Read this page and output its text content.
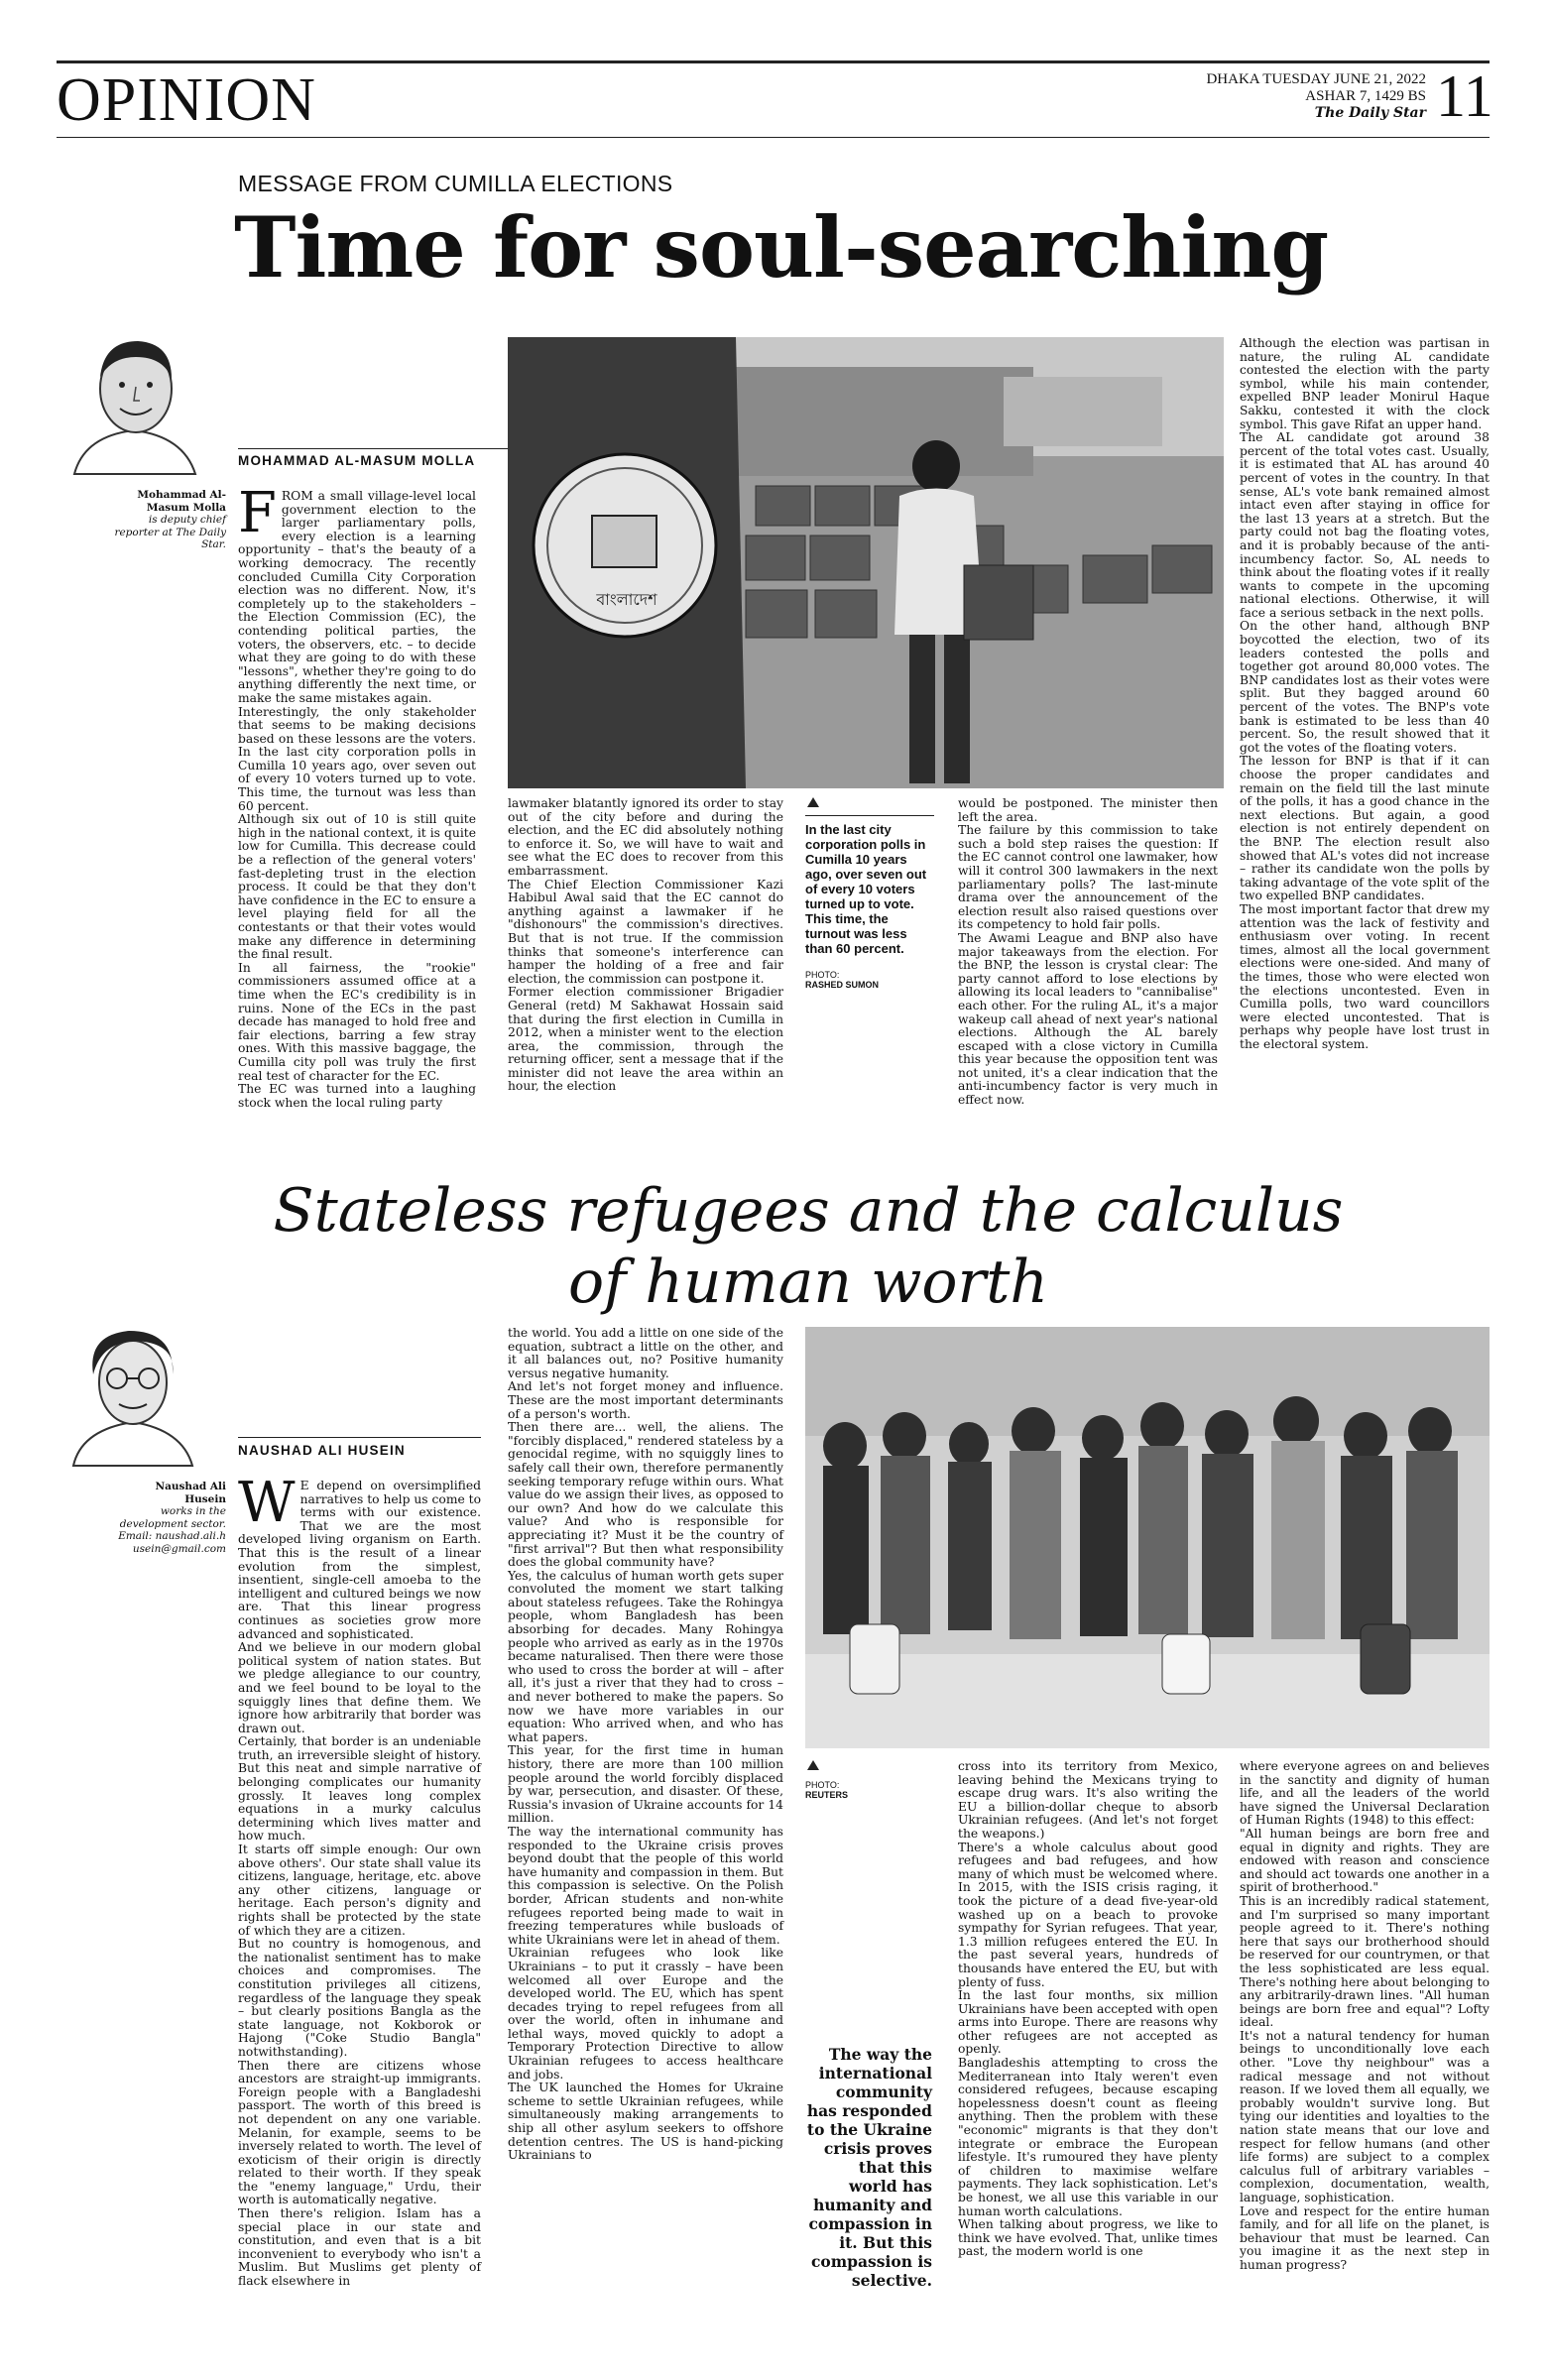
OPINION	DHAKA TUESDAY JUNE 21, 2022
ASHAR 7, 1429 BS
The Daily Star 11
MESSAGE FROM CUMILLA ELECTIONS
Time for soul-searching
MOHAMMAD AL-MASUM MOLLA
Mohammad Al-Masum Molla
is deputy chief reporter at The Daily Star. F ROM a small village-level local government election to the larger parliamentary polls, every election is a learning opportunity – that's the beauty of a working democracy. The recently concluded Cumilla City Corporation election was no different. Now, it's completely up to the stakeholders – the Election Commission (EC), the contending political parties, the voters, the observers, etc. – to decide what they are going to do with these "lessons", whether they're going to do anything differently the next time, or make the same mistakes again.
Interestingly, the only stakeholder that seems to be making decisions based on these lessons are the voters. In the last city corporation polls in Cumilla 10 years ago, over seven out of every 10 voters turned up to vote. This time, the turnout was less than 60 percent.
Although six out of 10 is still quite high in the national context, it is quite low for Cumilla. This decrease could be a reflection of the general voters' fast-depleting trust in the election process. It could be that they don't have confidence in the EC to ensure a level playing field for all the contestants or that their votes would make any difference in determining the final result.
In all fairness, the "rookie" commissioners assumed office at a time when the EC's credibility is in ruins. None of the ECs in the past decade has managed to hold free and fair elections, barring a few stray ones. With this massive baggage, the Cumilla city poll was truly the first real test of character for the EC.
The EC was turned into a laughing stock when the local ruling party

বাংলাদেশ

lawmaker blatantly ignored its order to stay out of the city before and during the election, and the EC did absolutely nothing to enforce it. So, we will have to wait and see what the EC does to recover from this embarrassment.
The Chief Election Commissioner Kazi Habibul Awal said that the EC cannot do anything against a lawmaker if he "dishonours" the commission's directives. But that is not true. If the commission thinks that someone's interference can hamper the holding of a free and fair election, the commission can postpone it.
Former election commissioner Brigadier General (retd) M Sakhawat Hossain said that during the first election in Cumilla in 2012, when a minister went to the election area, the commission, through the returning officer, sent a message that if the minister did not leave the area within an hour, the election

In the last city corporation polls in Cumilla 10 years ago, over seven out of every 10 voters turned up to vote. This time, the turnout was less than 60 percent.
PHOTO:
RASHED SUMON

would be postponed. The minister then left the area.
The failure by this commission to take such a bold step raises the question: If the EC cannot control one lawmaker, how will it control 300 lawmakers in the next parliamentary polls? The last-minute drama over the announcement of the election result also raised questions over its competency to hold fair polls.
The Awami League and BNP also have major takeaways from the election. For the BNP, the lesson is crystal clear: The party cannot afford to lose elections by allowing its local leaders to "cannibalise" each other. For the ruling AL, it's a major wakeup call ahead of next year's national elections. Although the AL barely escaped with a close victory in Cumilla this year because the opposition tent was not united, it's a clear indication that the anti-incumbency factor is very much in effect now.

Although the election was partisan in nature, the ruling AL candidate contested the election with the party symbol, while his main contender, expelled BNP leader Monirul Haque Sakku, contested it with the clock symbol. This gave Rifat an upper hand.
The AL candidate got around 38 percent of the total votes cast. Usually, it is estimated that AL has around 40 percent of votes in the country. In that sense, AL's vote bank remained almost intact even after staying in office for the last 13 years at a stretch. But the party could not bag the floating votes, and it is probably because of the anti-incumbency factor. So, AL needs to think about the floating votes if it really wants to compete in the upcoming national elections. Otherwise, it will face a serious setback in the next polls.
On the other hand, although BNP boycotted the election, two of its leaders contested the polls and together got around 80,000 votes. The BNP candidates lost as their votes were split. But they bagged around 60 percent of the votes. The BNP's vote bank is estimated to be less than 40 percent. So, the result showed that it got the votes of the floating voters.
The lesson for BNP is that if it can choose the proper candidates and remain on the field till the last minute of the polls, it has a good chance in the next elections. But again, a good election is not entirely dependent on the BNP. The election result also showed that AL's votes did not increase – rather its candidate won the polls by taking advantage of the vote split of the two expelled BNP candidates.
The most important factor that drew my attention was the lack of festivity and enthusiasm over voting. In recent times, almost all the local government elections were one-sided. And many of the times, those who were elected won the elections uncontested. Even in Cumilla polls, two ward councillors were elected uncontested. That is perhaps why people have lost trust in the electoral system.

Stateless refugees and the calculus of human worth
NAUSHAD ALI HUSEIN
Naushad Ali Husein
works in the development sector.
Email: naushad.ali.husein@gmail.com
W E depend on oversimplified narratives to help us come to terms with our existence. That we are the most developed living organism on Earth. That this is the result of a linear evolution from the simplest, insentient, single-cell amoeba to the intelligent and cultured beings we now are. That this linear progress continues as societies grow more advanced and sophisticated.
And we believe in our modern global political system of nation states. But we pledge allegiance to our country, and we feel bound to be loyal to the squiggly lines that define them. We ignore how arbitrarily that border was drawn out.
Certainly, that border is an undeniable truth, an irreversible sleight of history. But this neat and simple narrative of belonging complicates our humanity grossly. It leaves long complex equations in a murky calculus determining which lives matter and how much.
It starts off simple enough: Our own above others'. Our state shall value its citizens, language, heritage, etc. above any other citizens, language or heritage. Each person's dignity and rights shall be protected by the state of which they are a citizen.
But no country is homogenous, and the nationalist sentiment has to make choices and compromises. The constitution privileges all citizens, regardless of the language they speak – but clearly positions Bangla as the state language, not Kokborok or Hajong ("Coke Studio Bangla" notwithstanding).
Then there are citizens whose ancestors are straight-up immigrants. Foreign people with a Bangladeshi passport. The worth of this breed is not dependent on any one variable. Melanin, for example, seems to be inversely related to worth. The level of exoticism of their origin is directly related to their worth. If they speak the "enemy language," Urdu, their worth is automatically negative.
Then there's religion. Islam has a special place in our state and constitution, and even that is a bit inconvenient to everybody who isn't a Muslim. But Muslims get plenty of flack elsewhere in

the world. You add a little on one side of the equation, subtract a little on the other, and it all balances out, no? Positive humanity versus negative humanity.
And let's not forget money and influence. These are the most important determinants of a person's worth.
Then there are... well, the aliens. The "forcibly displaced," rendered stateless by a genocidal regime, with no squiggly lines to safely call their own, therefore permanently seeking temporary refuge within ours. What value do we assign their lives, as opposed to our own? And how do we calculate this value? And who is responsible for appreciating it? Must it be the country of "first arrival"? But then what responsibility does the global community have?
Yes, the calculus of human worth gets super convoluted the moment we start talking about stateless refugees. Take the Rohingya people, whom Bangladesh has been absorbing for decades. Many Rohingya people who arrived as early as in the 1970s became naturalised. Then there were those who used to cross the border at will – after all, it's just a river that they had to cross – and never bothered to make the papers. So now we have more variables in our equation: Who arrived when, and who has what papers.
This year, for the first time in human history, there are more than 100 million people around the world forcibly displaced by war, persecution, and disaster. Of these, Russia's invasion of Ukraine accounts for 14 million.
The way the international community has responded to the Ukraine crisis proves beyond doubt that the people of this world have humanity and compassion in them. But this compassion is selective. On the Polish border, African students and non-white refugees reported being made to wait in freezing temperatures while busloads of white Ukrainians were let in ahead of them.
Ukrainian refugees who look like Ukrainians – to put it crassly – have been welcomed all over Europe and the developed world. The EU, which has spent decades trying to repel refugees from all over the world, often in inhumane and lethal ways, moved quickly to adopt a Temporary Protection Directive to allow Ukrainian refugees to access healthcare and jobs.
The UK launched the Homes for Ukraine scheme to settle Ukrainian refugees, while simultaneously making arrangements to ship all other asylum seekers to offshore detention centres. The US is hand-picking Ukrainians to

PHOTO:
REUTERS
The way the international community has responded to the Ukraine crisis proves that this world has humanity and compassion in it. But this compassion is selective.

cross into its territory from Mexico, leaving behind the Mexicans trying to escape drug wars. It's also writing the EU a billion-dollar cheque to absorb Ukrainian refugees. (And let's not forget the weapons.)
There's a whole calculus about good refugees and bad refugees, and how many of which must be welcomed where. In 2015, with the ISIS crisis raging, it took the picture of a dead five-year-old washed up on a beach to provoke sympathy for Syrian refugees. That year, 1.3 million refugees entered the EU. In the past several years, hundreds of thousands have entered the EU, but with plenty of fuss.
In the last four months, six million Ukrainians have been accepted with open arms into Europe. There are reasons why other refugees are not accepted as openly.
Bangladeshis attempting to cross the Mediterranean into Italy weren't even considered refugees, because escaping hopelessness doesn't count as fleeing anything. Then the problem with these "economic" migrants is that they don't integrate or embrace the European lifestyle. It's rumoured they have plenty of children to maximise welfare payments. They lack sophistication. Let's be honest, we all use this variable in our human worth calculations.
When talking about progress, we like to think we have evolved. That, unlike times past, the modern world is one

where everyone agrees on and believes in the sanctity and dignity of human life, and all the leaders of the world have signed the Universal Declaration of Human Rights (1948) to this effect:
"All human beings are born free and equal in dignity and rights. They are endowed with reason and conscience and should act towards one another in a spirit of brotherhood."
This is an incredibly radical statement, and I'm surprised so many important people agreed to it. There's nothing here that says our brotherhood should be reserved for our countrymen, or that the less sophisticated are less equal. There's nothing here about belonging to any arbitrarily-drawn lines. "All human beings are born free and equal"? Lofty ideal.
It's not a natural tendency for human beings to unconditionally love each other. "Love thy neighbour" was a radical message and not without reason. If we loved them all equally, we probably wouldn't survive long. But tying our identities and loyalties to the nation state means that our love and respect for fellow humans (and other life forms) are subject to a complex calculus full of arbitrary variables – complexion, documentation, wealth, language, sophistication.
Love and respect for the entire human family, and for all life on the planet, is behaviour that must be learned. Can you imagine it as the next step in human progress?
